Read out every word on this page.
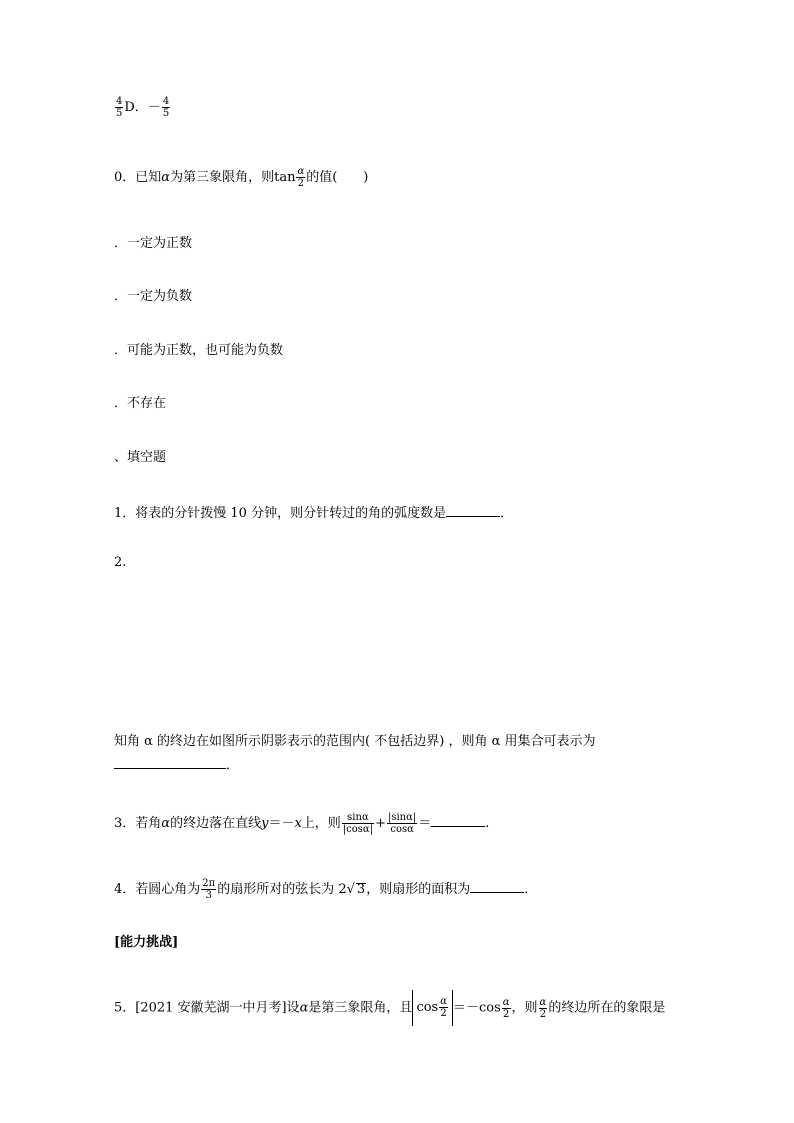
$\frac{4}{5}$ D．－ $\frac{4}{5}$
0．已知α为第三象限角，则$\tan \frac{\alpha}{2}$ 的值(　　)
．一定为正数
．一定为负数
．可能为正数，也可能为负数
．不存在
、填空题
1．将表的分针拨慢 10 分钟，则分针转过的角的弧度数是	．
2.
知角 α 的终边在如图所示阴影表示的范围内( 不包括边界) ，则角 α 用集合可表示为
．
3．若角α的终边落在直线y＝－x上，则 $\frac{\sin\alpha}{|\cos\alpha|} + \frac{|\sin\alpha|}{\cos\alpha}$ ＝	.
4．若圆心角为 $\frac{2\pi}{3}$ 的扇形所对的弦长为 2√ 3，则扇形的面积为	．
[能力挑战]
5．[2021 安徽芜湖一中月考]设α是第三象限角，且 $\cos \frac{\alpha}{2} =-\cos \frac{\alpha}{2}$ ，则 $\frac{\alpha}{2}$ 的终边所在的象限是
